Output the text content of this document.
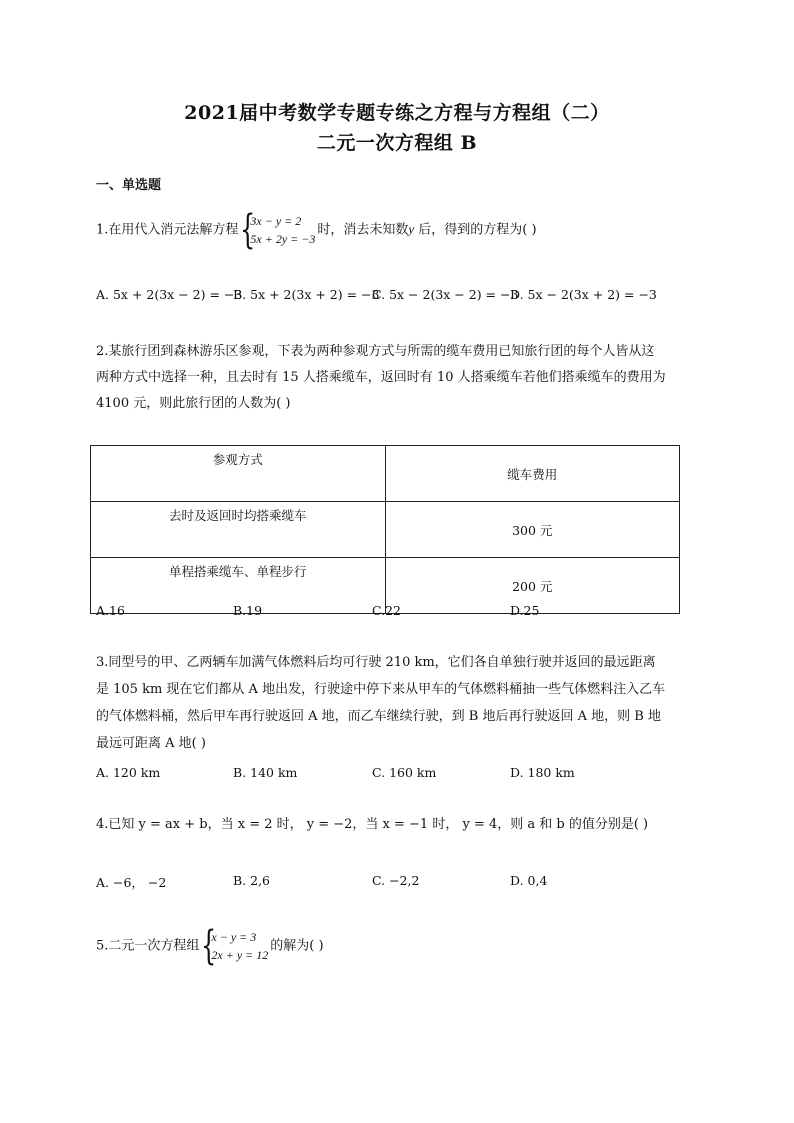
2021届中考数学专题专练之方程与方程组（二）
二元一次方程组 B
一、单选题
1.在用代入消元法解方程 {
3x − y = 2
5x + 2y = −3
时，消去未知数y 后，得到的方程为( )
A. 5x + 2(3x − 2) = −3
B. 5x + 2(3x + 2) = −3
C. 5x − 2(3x − 2) = −3
D. 5x − 2(3x + 2) = −3
2.某旅行团到森林游乐区参观，下表为两种参观方式与所需的缆车费用已知旅行团的每个人皆从这
两种方式中选择一种，且去时有 15 人搭乘缆车，返回时有 10 人搭乘缆车若他们搭乘缆车的费用为
4100 元，则此旅行团的人数为( )
参观方式	缆车费用
去时及返回时均搭乘缆车	300 元
单程搭乘缆车、单程步行	200 元
A.16	B.19	C.22	D.25
3.同型号的甲、乙两辆车加满气体燃料后均可行驶 210 km，它们各自单独行驶并返回的最远距离
是 105 km 现在它们都从 A 地出发，行驶途中停下来从甲车的气体燃料桶抽一些气体燃料注入乙车
的气体燃料桶，然后甲车再行驶返回 A 地，而乙车继续行驶，到 B 地后再行驶返回 A 地，则 B 地
最远可距离 A 地( )
A. 120 km	B. 140 km	C. 160 km	D. 180 km
4.已知 y = ax + b，当 x = 2 时， y = −2，当 x = −1 时， y = 4，则 a 和 b 的值分别是( )
A. −6， −2	B. 2,6	C. −2,2	D. 0,4
5.二元一次方程组 {
x − y = 3
2x + y = 12
的解为( )
